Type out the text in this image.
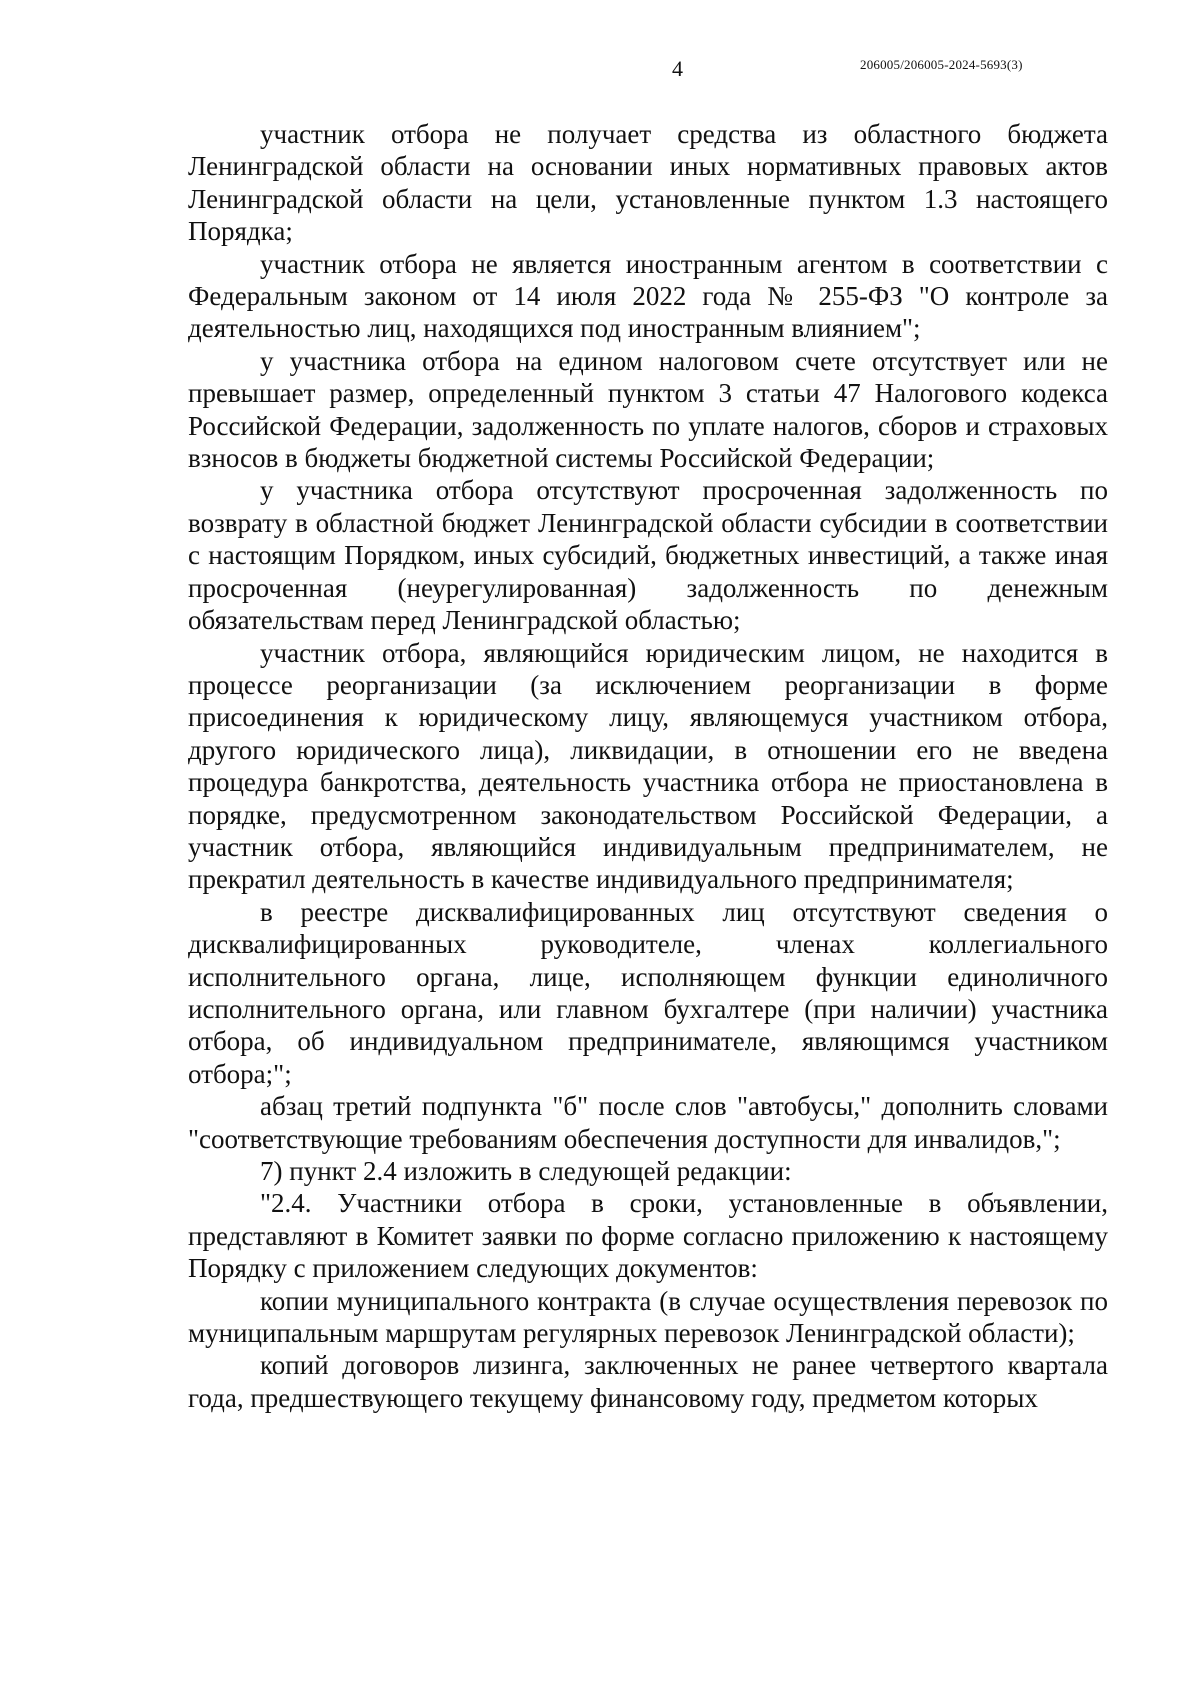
4	206005/206005-2024-5693(3)

участник отбора не получает средства из областного бюджета Ленинградской области на основании иных нормативных правовых актов Ленинградской области на цели, установленные пунктом 1.3 настоящего Порядка;

участник отбора не является иностранным агентом в соответствии с Федеральным законом от 14 июля 2022 года № 255-ФЗ "О контроле за деятельностью лиц, находящихся под иностранным влиянием";

у участника отбора на едином налоговом счете отсутствует или не превышает размер, определенный пунктом 3 статьи 47 Налогового кодекса Российской Федерации, задолженность по уплате налогов, сборов и страховых взносов в бюджеты бюджетной системы Российской Федерации;

у участника отбора отсутствуют просроченная задолженность по возврату в областной бюджет Ленинградской области субсидии в соответствии с настоящим Порядком, иных субсидий, бюджетных инвестиций, а также иная просроченная (неурегулированная) задолженность по денежным обязательствам перед Ленинградской областью;

участник отбора, являющийся юридическим лицом, не находится в процессе реорганизации (за исключением реорганизации в форме присоединения к юридическому лицу, являющемуся участником отбора, другого юридического лица), ликвидации, в отношении его не введена процедура банкротства, деятельность участника отбора не приостановлена в порядке, предусмотренном законодательством Российской Федерации, а участник отбора, являющийся индивидуальным предпринимателем, не прекратил деятельность в качестве индивидуального предпринимателя;

в реестре дисквалифицированных лиц отсутствуют сведения о дисквалифицированных руководителе, членах коллегиального исполнительного органа, лице, исполняющем функции единоличного исполнительного органа, или главном бухгалтере (при наличии) участника отбора, об индивидуальном предпринимателе, являющимся участником отбора;";

абзац третий подпункта "б" после слов "автобусы," дополнить словами "соответствующие требованиям обеспечения доступности для инвалидов,";

7) пункт 2.4 изложить в следующей редакции:

"2.4. Участники отбора в сроки, установленные в объявлении, представляют в Комитет заявки по форме согласно приложению к настоящему Порядку с приложением следующих документов:

копии муниципального контракта (в случае осуществления перевозок по муниципальным маршрутам регулярных перевозок Ленинградской области);

копий договоров лизинга, заключенных не ранее четвертого квартала года, предшествующего текущему финансовому году, предметом которых
